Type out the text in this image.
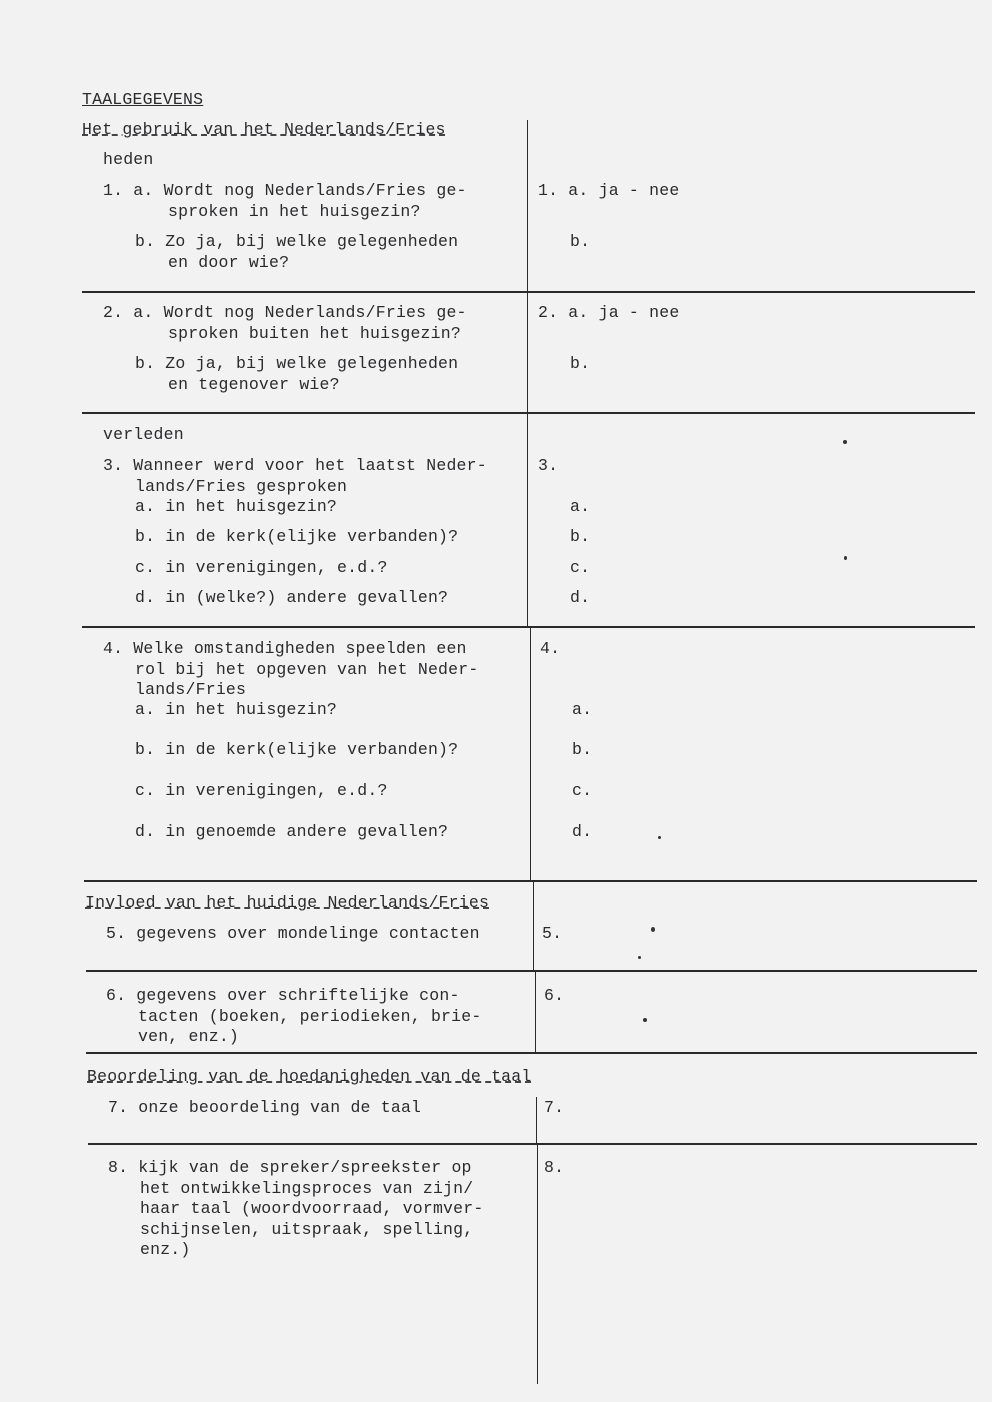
TAALGEGEVENS
Het gebruik van het Nederlands/Fries
heden
1. a. Wordt nog Nederlands/Fries ge-
sproken in het huisgezin?
b. Zo ja, bij welke gelegenheden
en door wie?
1. a. ja - nee
b.
2. a. Wordt nog Nederlands/Fries ge-
sproken buiten het huisgezin?
b. Zo ja, bij welke gelegenheden
en tegenover wie?
2. a. ja - nee
b.
verleden
3. Wanneer werd voor het laatst Neder-
lands/Fries gesproken
a. in het huisgezin?
b. in de kerk(elijke verbanden)?
c. in verenigingen, e.d.?
d. in (welke?) andere gevallen?
3.
a.
b.
c.
d.
4. Welke omstandigheden speelden een
rol bij het opgeven van het Neder-
lands/Fries
a. in het huisgezin?
b. in de kerk(elijke verbanden)?
c. in verenigingen, e.d.?
d. in genoemde andere gevallen?
4.
a.
b.
c.
d.
Invloed van het huidige Nederlands/Fries
5. gegevens over mondelinge contacten	5.
6. gegevens over schriftelijke con-
tacten (boeken, periodieken, brie-
ven, enz.)
6.
Beoordeling van de hoedanigheden van de taal
7. onze beoordeling van de taal	7.
8. kijk van de spreker/spreekster op
het ontwikkelingsproces van zijn/
haar taal (woordvoorraad, vormver-
schijnselen, uitspraak, spelling,
enz.)
8.
